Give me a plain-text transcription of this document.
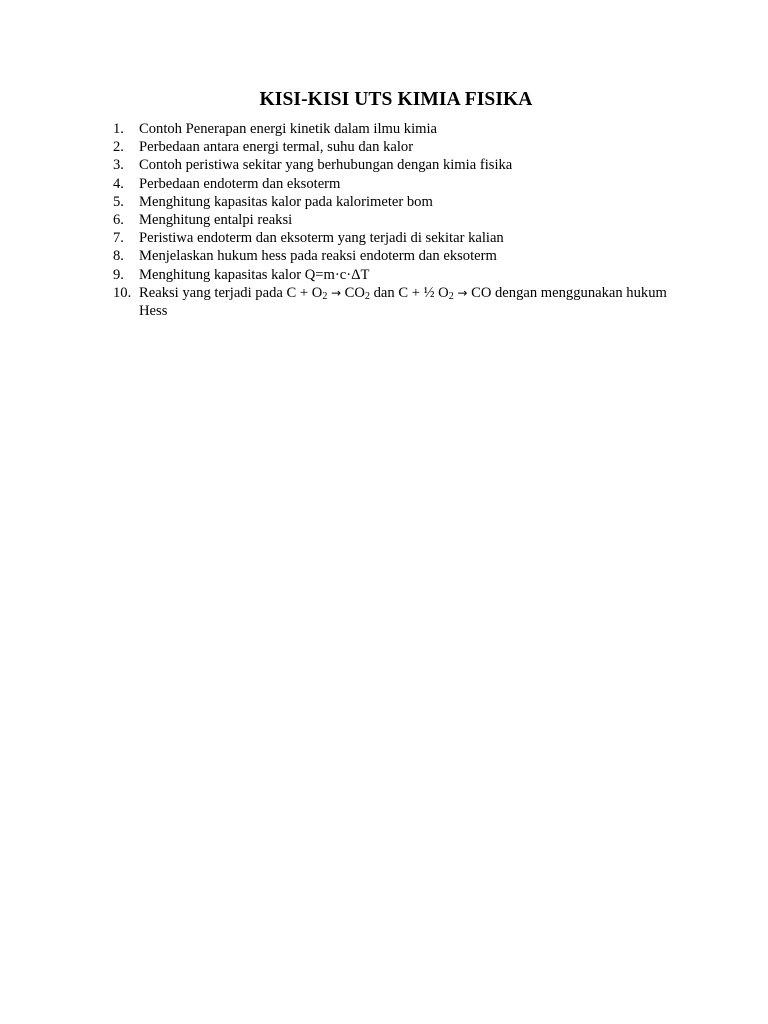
KISI-KISI UTS KIMIA FISIKA
1. Contoh Penerapan energi kinetik dalam ilmu kimia
2. Perbedaan antara energi termal, suhu dan kalor
3. Contoh peristiwa sekitar yang berhubungan dengan kimia fisika
4. Perbedaan endoterm dan eksoterm
5. Menghitung kapasitas kalor pada kalorimeter bom
6. Menghitung entalpi reaksi
7. Peristiwa endoterm dan eksoterm yang terjadi di sekitar kalian
8. Menjelaskan hukum hess pada reaksi endoterm dan eksoterm
9. Menghitung kapasitas kalor Q=m·c·ΔT
10. Reaksi yang terjadi pada $C + O_2 \to CO_2$ dan C + ½ $O_2$ → CO dengan menggunakan hukum Hess
